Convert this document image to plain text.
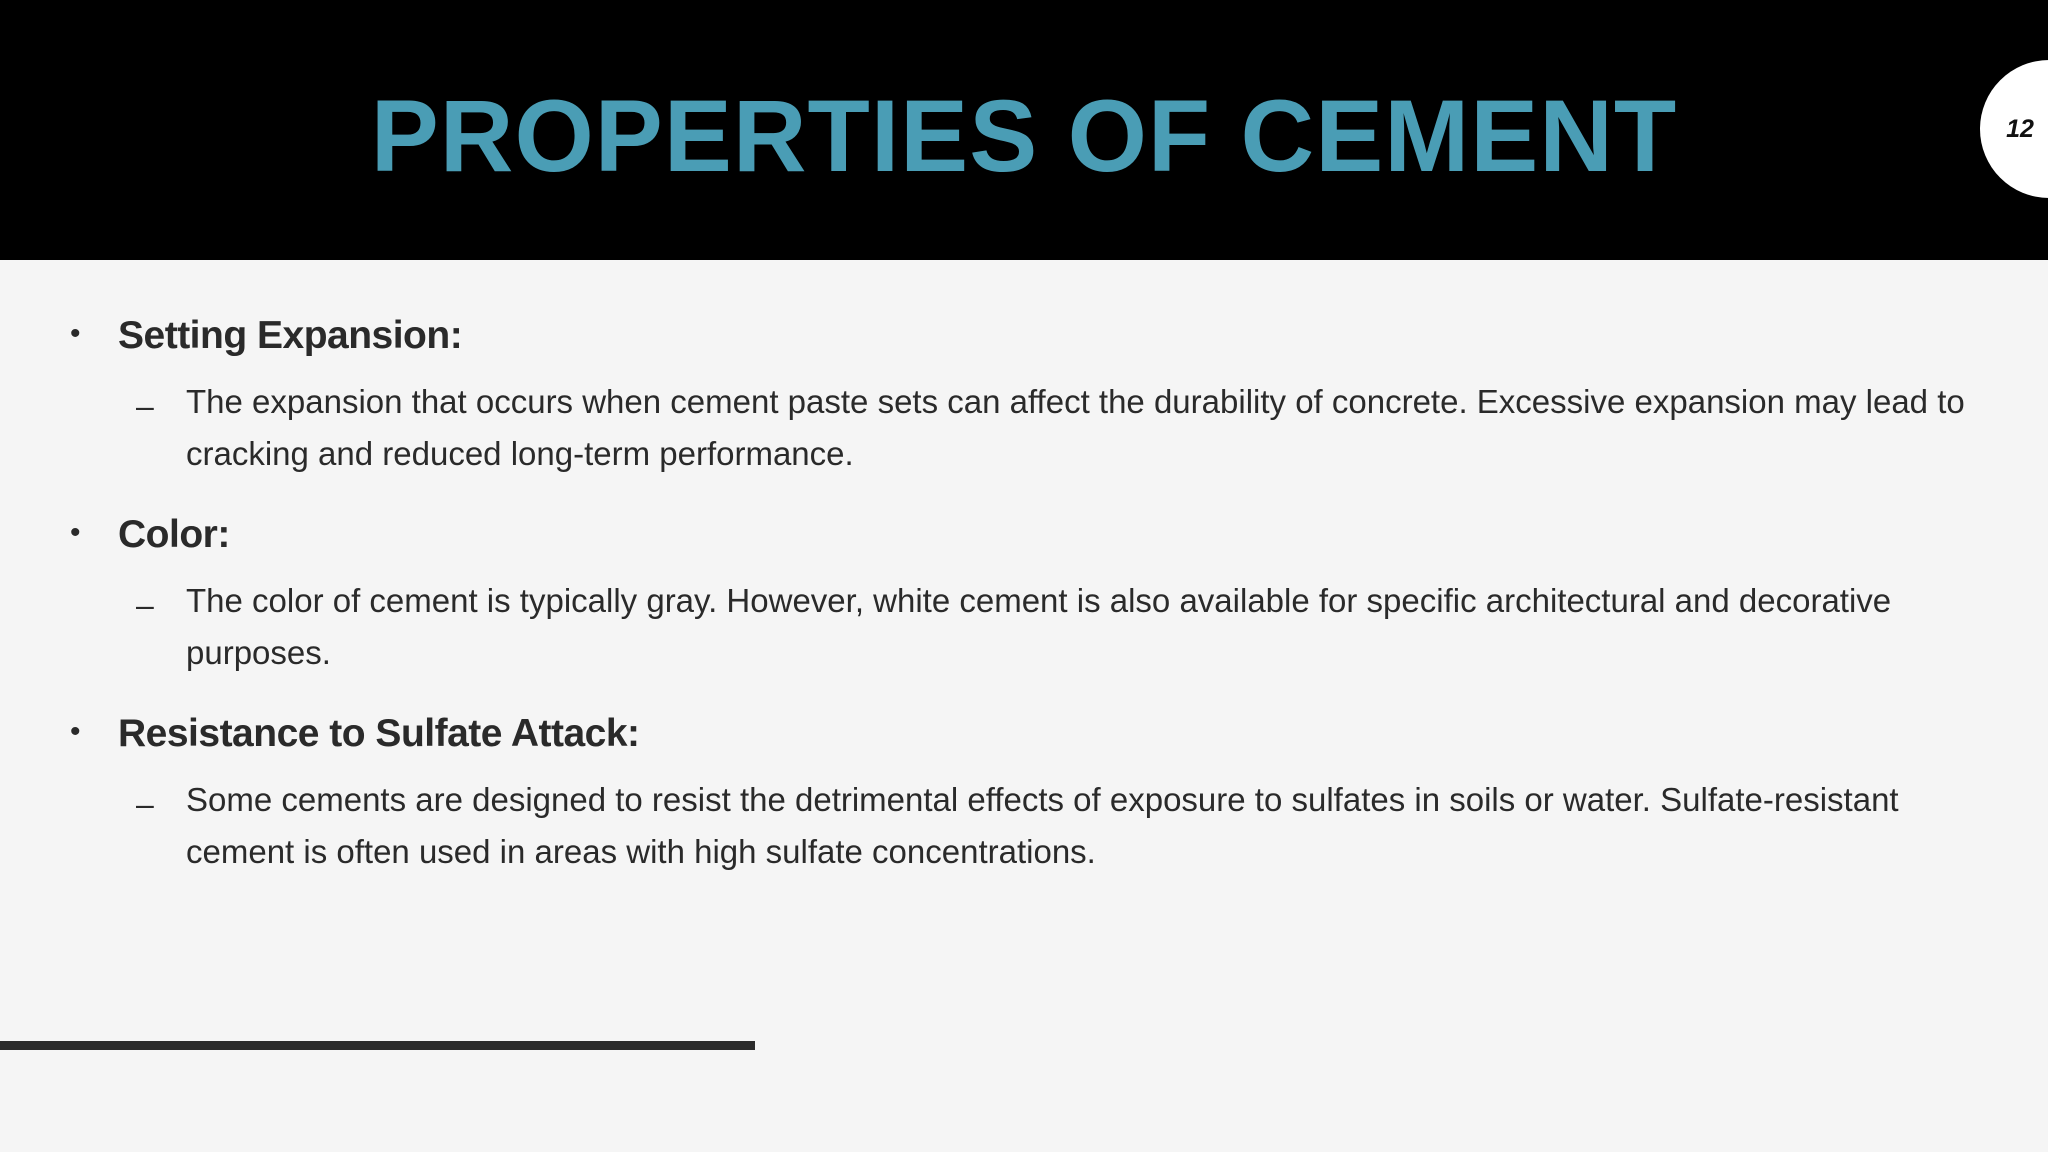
PROPERTIES OF CEMENT	12
• Setting Expansion:
– The expansion that occurs when cement paste sets can affect the durability of concrete. Excessive expansion may lead to cracking and reduced long-term performance.

• Color:
– The color of cement is typically gray. However, white cement is also available for specific architectural and decorative purposes.

• Resistance to Sulfate Attack:
– Some cements are designed to resist the detrimental effects of exposure to sulfates in soils or water. Sulfate-resistant cement is often used in areas with high sulfate concentrations.
